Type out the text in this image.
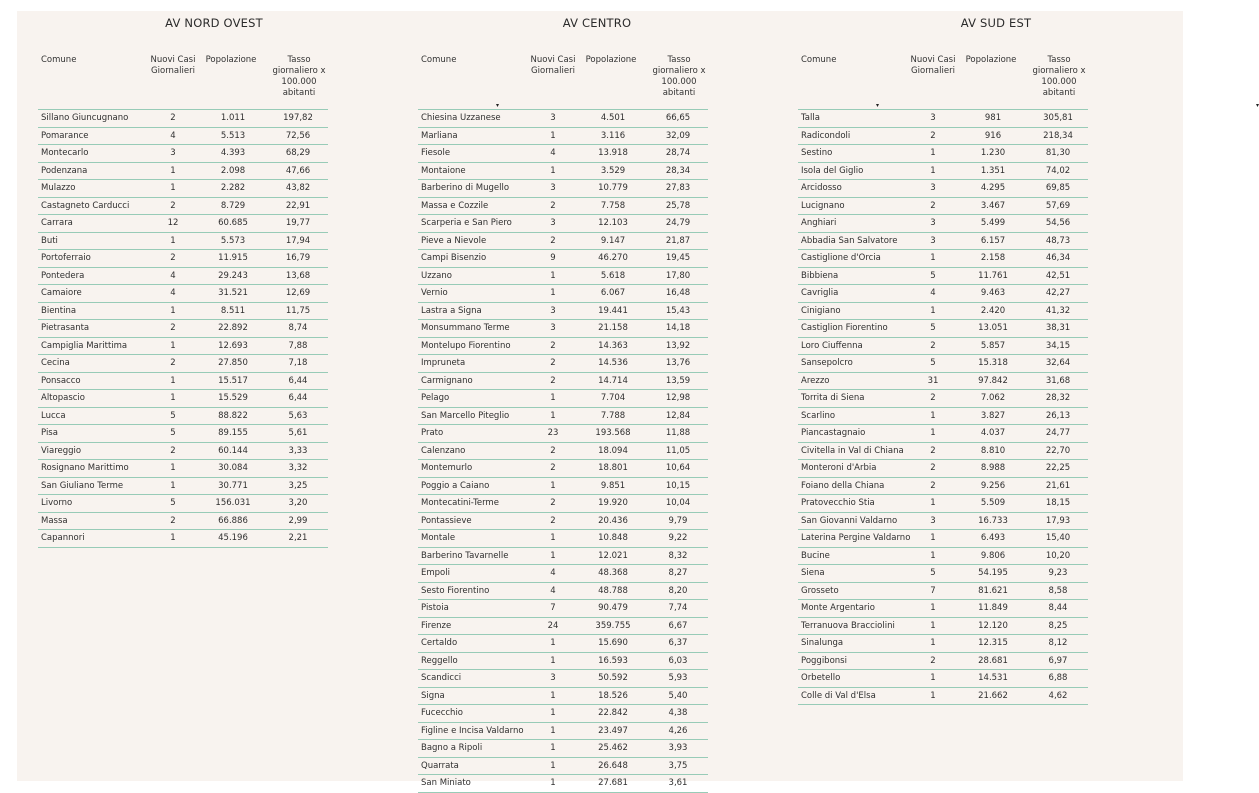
AV NORD OVEST
Comune	Nuovi Casi
Giornalieri
Popolazione	Tasso
giornaliero x
100.000
abitanti
▾
Sillano Giuncugnano	2	1.011	197,82
Pomarance	4	5.513	72,56
Montecarlo	3	4.393	68,29
Podenzana	1	2.098	47,66
Mulazzo	1	2.282	43,82
Castagneto Carducci	2	8.729	22,91
Carrara	12	60.685	19,77
Buti	1	5.573	17,94
Portoferraio	2	11.915	16,79
Pontedera	4	29.243	13,68
Camaiore	4	31.521	12,69
Bientina	1	8.511	11,75
Pietrasanta	2	22.892	8,74
Campiglia Marittima	1	12.693	7,88
Cecina	2	27.850	7,18
Ponsacco	1	15.517	6,44
Altopascio	1	15.529	6,44
Lucca	5	88.822	5,63
Pisa	5	89.155	5,61
Viareggio	2	60.144	3,33
Rosignano Marittimo	1	30.084	3,32
San Giuliano Terme	1	30.771	3,25
Livorno	5	156.031	3,20
Massa	2	66.886	2,99
Capannori	1	45.196	2,21
AV CENTRO
Comune	Nuovi Casi
Giornalieri
Popolazione	Tasso
giornaliero x
100.000
abitanti
▾
Chiesina Uzzanese	3	4.501	66,65
Marliana	1	3.116	32,09
Fiesole	4	13.918	28,74
Montaione	1	3.529	28,34
Barberino di Mugello	3	10.779	27,83
Massa e Cozzile	2	7.758	25,78
Scarperia e San Piero	3	12.103	24,79
Pieve a Nievole	2	9.147	21,87
Campi Bisenzio	9	46.270	19,45
Uzzano	1	5.618	17,80
Vernio	1	6.067	16,48
Lastra a Signa	3	19.441	15,43
Monsummano Terme	3	21.158	14,18
Montelupo Fiorentino	2	14.363	13,92
Impruneta	2	14.536	13,76
Carmignano	2	14.714	13,59
Pelago	1	7.704	12,98
San Marcello Piteglio	1	7.788	12,84
Prato	23	193.568	11,88
Calenzano	2	18.094	11,05
Montemurlo	2	18.801	10,64
Poggio a Caiano	1	9.851	10,15
Montecatini-Terme	2	19.920	10,04
Pontassieve	2	20.436	9,79
Montale	1	10.848	9,22
Barberino Tavarnelle	1	12.021	8,32
Empoli	4	48.368	8,27
Sesto Fiorentino	4	48.788	8,20
Pistoia	7	90.479	7,74
Firenze	24	359.755	6,67
Certaldo	1	15.690	6,37
Reggello	1	16.593	6,03
Scandicci	3	50.592	5,93
Signa	1	18.526	5,40
Fucecchio	1	22.842	4,38
Figline e Incisa Valdarno	1	23.497	4,26
Bagno a Ripoli	1	25.462	3,93
Quarrata	1	26.648	3,75
San Miniato	1	27.681	3,61
AV SUD EST
Comune	Nuovi Casi
Giornalieri
Popolazione	Tasso
giornaliero x
100.000
abitanti
▾
Talla	3	981	305,81
Radicondoli	2	916	218,34
Sestino	1	1.230	81,30
Isola del Giglio	1	1.351	74,02
Arcidosso	3	4.295	69,85
Lucignano	2	3.467	57,69
Anghiari	3	5.499	54,56
Abbadia San Salvatore	3	6.157	48,73
Castiglione d'Orcia	1	2.158	46,34
Bibbiena	5	11.761	42,51
Cavriglia	4	9.463	42,27
Cinigiano	1	2.420	41,32
Castiglion Fiorentino	5	13.051	38,31
Loro Ciuffenna	2	5.857	34,15
Sansepolcro	5	15.318	32,64
Arezzo	31	97.842	31,68
Torrita di Siena	2	7.062	28,32
Scarlino	1	3.827	26,13
Piancastagnaio	1	4.037	24,77
Civitella in Val di Chiana	2	8.810	22,70
Monteroni d'Arbia	2	8.988	22,25
Foiano della Chiana	2	9.256	21,61
Pratovecchio Stia	1	5.509	18,15
San Giovanni Valdarno	3	16.733	17,93
Laterina Pergine Valdarno	1	6.493	15,40
Bucine	1	9.806	10,20
Siena	5	54.195	9,23
Grosseto	7	81.621	8,58
Monte Argentario	1	11.849	8,44
Terranuova Bracciolini	1	12.120	8,25
Sinalunga	1	12.315	8,12
Poggibonsi	2	28.681	6,97
Orbetello	1	14.531	6,88
Colle di Val d'Elsa	1	21.662	4,62
